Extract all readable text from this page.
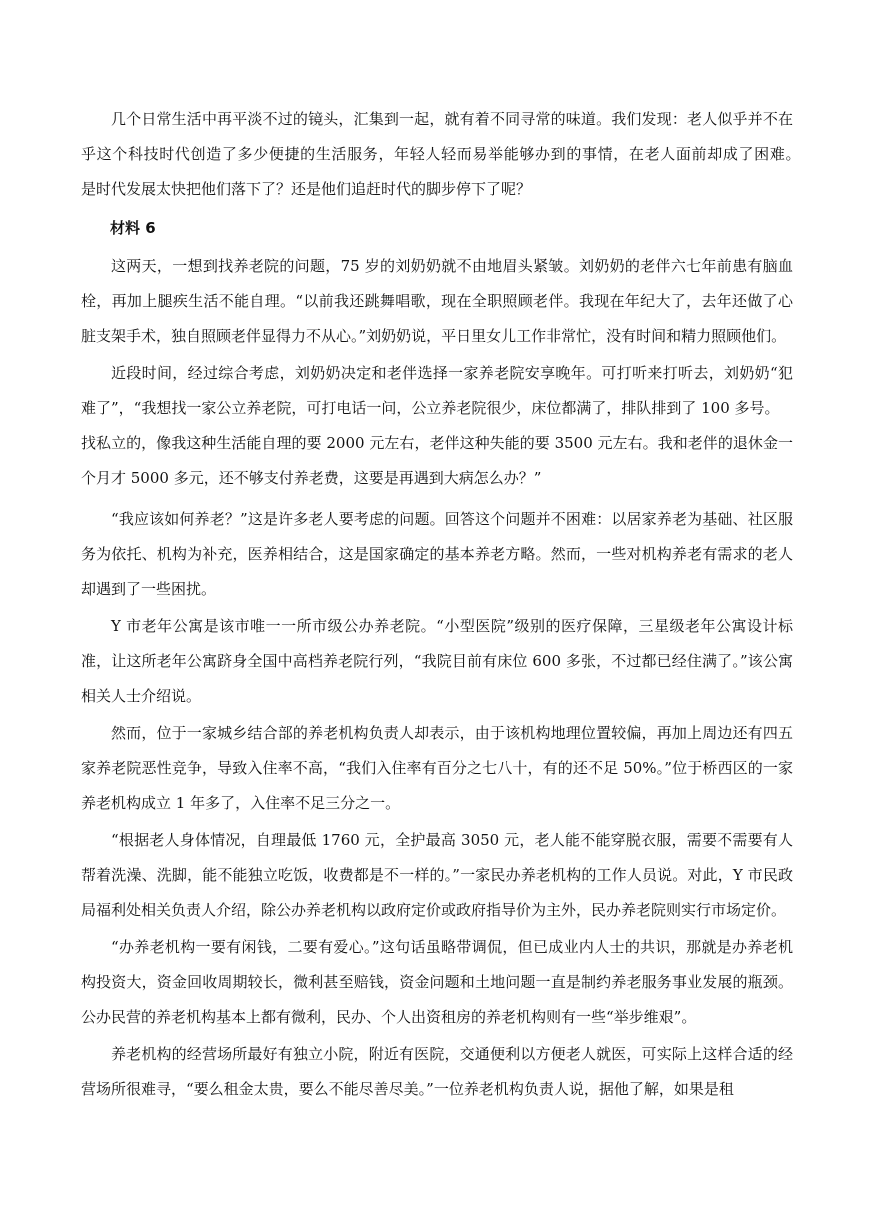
几个日常生活中再平淡不过的镜头，汇集到一起，就有着不同寻常的味道。我们发现：老人似乎并不在乎这个科技时代创造了多少便捷的生活服务，年轻人轻而易举能够办到的事情，在老人面前却成了困难。　　是时代发展太快把他们落下了？还是他们追赶时代的脚步停下了呢？

材料 6

这两天，一想到找养老院的问题，75 岁的刘奶奶就不由地眉头紧皱。刘奶奶的老伴六七年前患有脑血栓，再加上腿疾生活不能自理。“以前我还跳舞唱歌，现在全职照顾老伴。我现在年纪大了，去年还做了心脏支架手术，独自照顾老伴显得力不从心。”刘奶奶说，平日里女儿工作非常忙，没有时间和精力照顾他们。

近段时间，经过综合考虑，刘奶奶决定和老伴选择一家养老院安享晚年。可打听来打听去，刘奶奶“犯难了”，“我想找一家公立养老院，可打电话一问，公立养老院很少，床位都满了，排队排到了 100 多号。

找私立的，像我这种生活能自理的要 2000 元左右，老伴这种失能的要 3500 元左右。我和老伴的退休金一个月才 5000 多元，还不够支付养老费，这要是再遇到大病怎么办？”

“我应该如何养老？”这是许多老人要考虑的问题。回答这个问题并不困难：以居家养老为基础、社区服务为依托、机构为补充，医养相结合，这是国家确定的基本养老方略。然而，一些对机构养老有需求的老人却遇到了一些困扰。

Y 市老年公寓是该市唯一一所市级公办养老院。“小型医院”级别的医疗保障，三星级老年公寓设计标准，让这所老年公寓跻身全国中高档养老院行列，“我院目前有床位 600 多张，不过都已经住满了。”该公寓相关人士介绍说。

然而，位于一家城乡结合部的养老机构负责人却表示，由于该机构地理位置较偏，再加上周边还有四五家养老院恶性竞争，导致入住率不高，“我们入住率有百分之七八十，有的还不足 50%。”位于桥西区的一家养老机构成立 1 年多了，入住率不足三分之一。

“根据老人身体情况，自理最低 1760 元，全护最高 3050 元，老人能不能穿脱衣服，需要不需要有人帮着洗澡、洗脚，能不能独立吃饭，收费都是不一样的。”一家民办养老机构的工作人员说。对此，Y 市民政局福利处相关负责人介绍，除公办养老机构以政府定价或政府指导价为主外，民办养老院则实行市场定价。

“办养老机构一要有闲钱，二要有爱心。”这句话虽略带调侃，但已成业内人士的共识，那就是办养老机构投资大，资金回收周期较长，微利甚至赔钱，资金问题和土地问题一直是制约养老服务事业发展的瓶颈。公办民营的养老机构基本上都有微利，民办、个人出资租房的养老机构则有一些“举步维艰”。

养老机构的经营场所最好有独立小院，附近有医院，交通便利以方便老人就医，可实际上这样合适的经营场所很难寻，“要么租金太贵，要么不能尽善尽美。”一位养老机构负责人说，据他了解，如果是租
